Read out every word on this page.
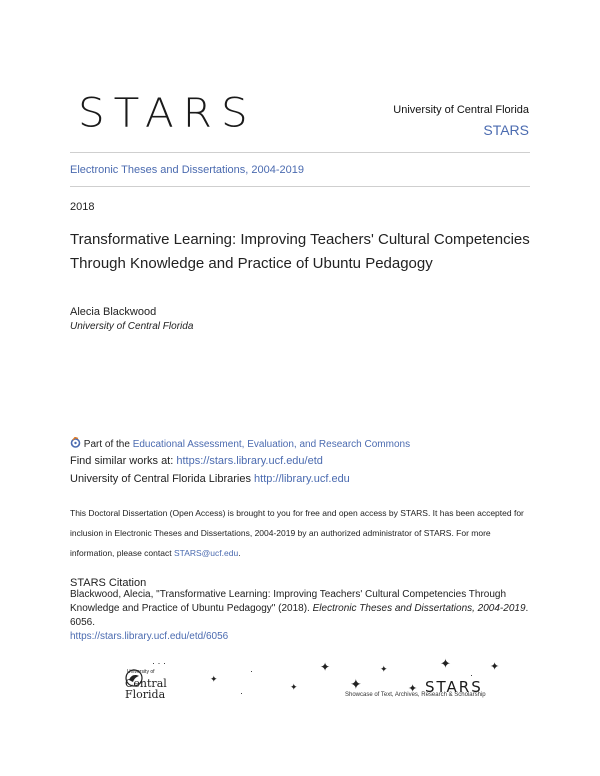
STARS	University of Central Florida
STARS
Electronic Theses and Dissertations, 2004-2019
2018
Transformative Learning: Improving Teachers' Cultural Competencies Through Knowledge and Practice of Ubuntu Pedagogy
Alecia Blackwood
University of Central Florida
Part of the Educational Assessment, Evaluation, and Research Commons
Find similar works at: https://stars.library.ucf.edu/etd
University of Central Florida Libraries http://library.ucf.edu
This Doctoral Dissertation (Open Access) is brought to you for free and open access by STARS. It has been accepted for inclusion in Electronic Theses and Dissertations, 2004-2019 by an authorized administrator of STARS. For more information, please contact STARS@ucf.edu.
STARS Citation
Blackwood, Alecia, "Transformative Learning: Improving Teachers' Cultural Competencies Through Knowledge and Practice of Ubuntu Pedagogy" (2018). Electronic Theses and Dissertations, 2004-2019. 6056.
https://stars.library.ucf.edu/etd/6056
University of
Central
Florida
· · ·
✦
·
✦
✦
✦
✦
✦
✦
·
✦
·	STARS
Showcase of Text, Archives, Research & Scholarship
